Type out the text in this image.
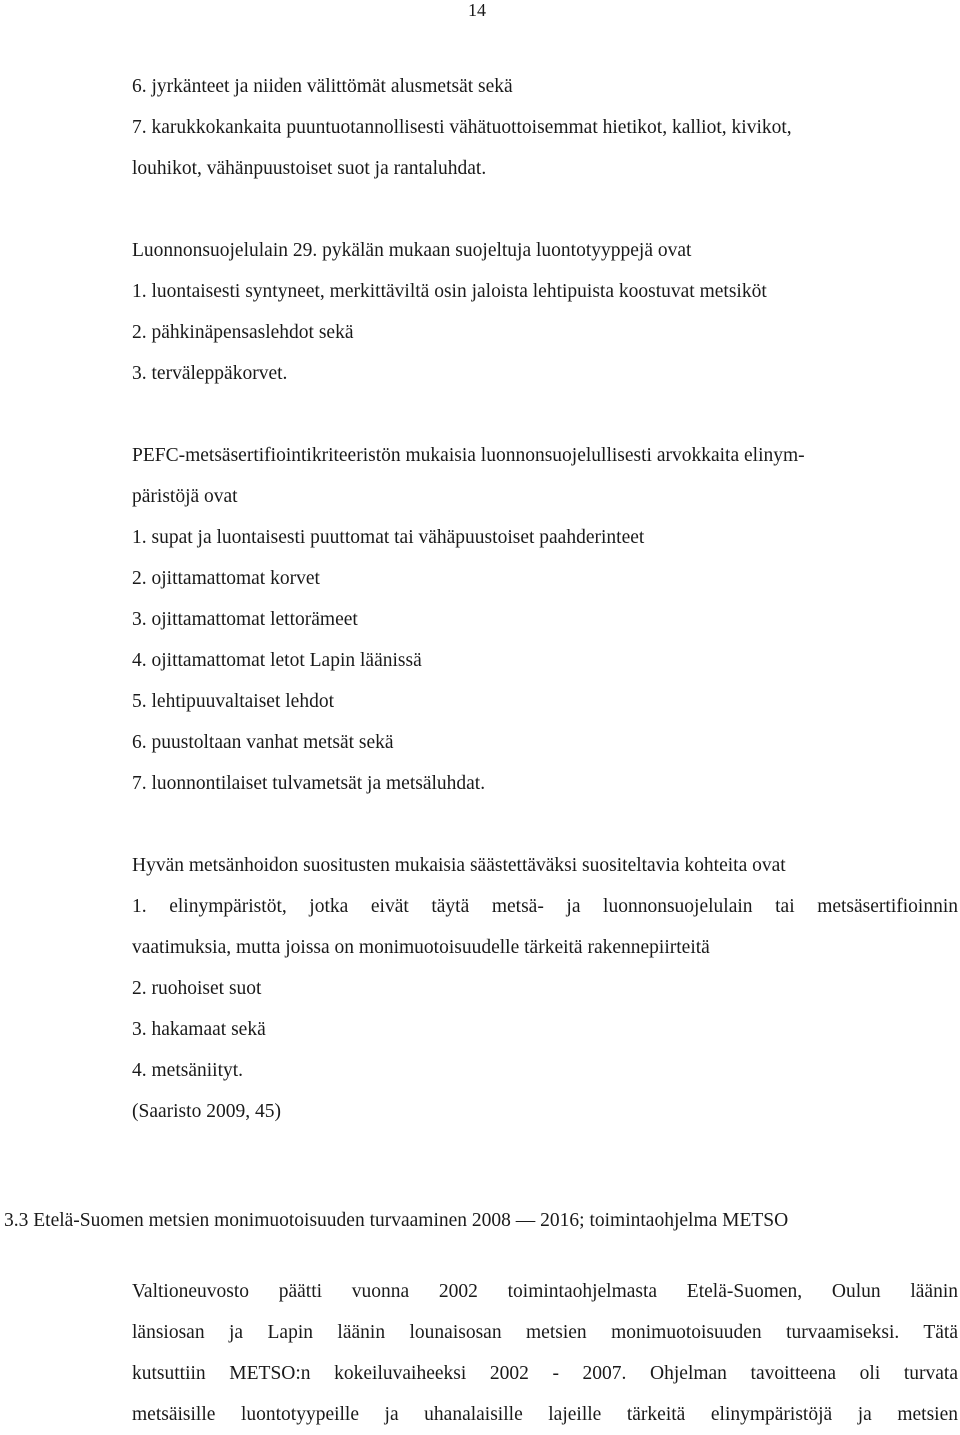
14
6. jyrkänteet ja niiden välittömät alusmetsät sekä
7. karukkokankaita puuntuotannollisesti vähätuottoisemmat hietikot, kalliot, kivikot,
louhikot, vähänpuustoiset suot ja rantaluhdat.
Luonnonsuojelulain 29. pykälän mukaan suojeltuja luontotyyppejä ovat
1. luontaisesti syntyneet, merkittäviltä osin jaloista lehtipuista koostuvat metsiköt
2. pähkinäpensaslehdot sekä
3. terväleppäkorvet.
PEFC-metsäsertifiointikriteeristön mukaisia luonnonsuojelullisesti arvokkaita elinym-
päristöjä ovat
1. supat ja luontaisesti puuttomat tai vähäpuustoiset paahderinteet
2. ojittamattomat korvet
3. ojittamattomat lettorämeet
4. ojittamattomat letot Lapin läänissä
5. lehtipuuvaltaiset lehdot
6. puustoltaan vanhat metsät sekä
7. luonnontilaiset tulvametsät ja metsäluhdat.
Hyvän metsänhoidon suositusten mukaisia säästettäväksi suositeltavia kohteita ovat
1. elinympäristöt, jotka eivät täytä metsä- ja luonnonsuojelulain tai metsäsertifioinnin
vaatimuksia, mutta joissa on monimuotoisuudelle tärkeitä rakennepiirteitä
2. ruohoiset suot
3. hakamaat sekä
4. metsäniityt.
(Saaristo 2009, 45)
3.3 Etelä-Suomen metsien monimuotoisuuden turvaaminen 2008 — 2016; toimintaohjelma METSO
Valtioneuvosto päätti vuonna 2002 toimintaohjelmasta Etelä-Suomen, Oulun läänin
länsiosan ja Lapin läänin lounaisosan metsien monimuotoisuuden turvaamiseksi. Tätä
kutsuttiin METSO:n kokeiluvaiheeksi 2002 - 2007. Ohjelman tavoitteena oli turvata
metsäisille luontotyypeille ja uhanalaisille lajeille tärkeitä elinympäristöjä ja metsien
